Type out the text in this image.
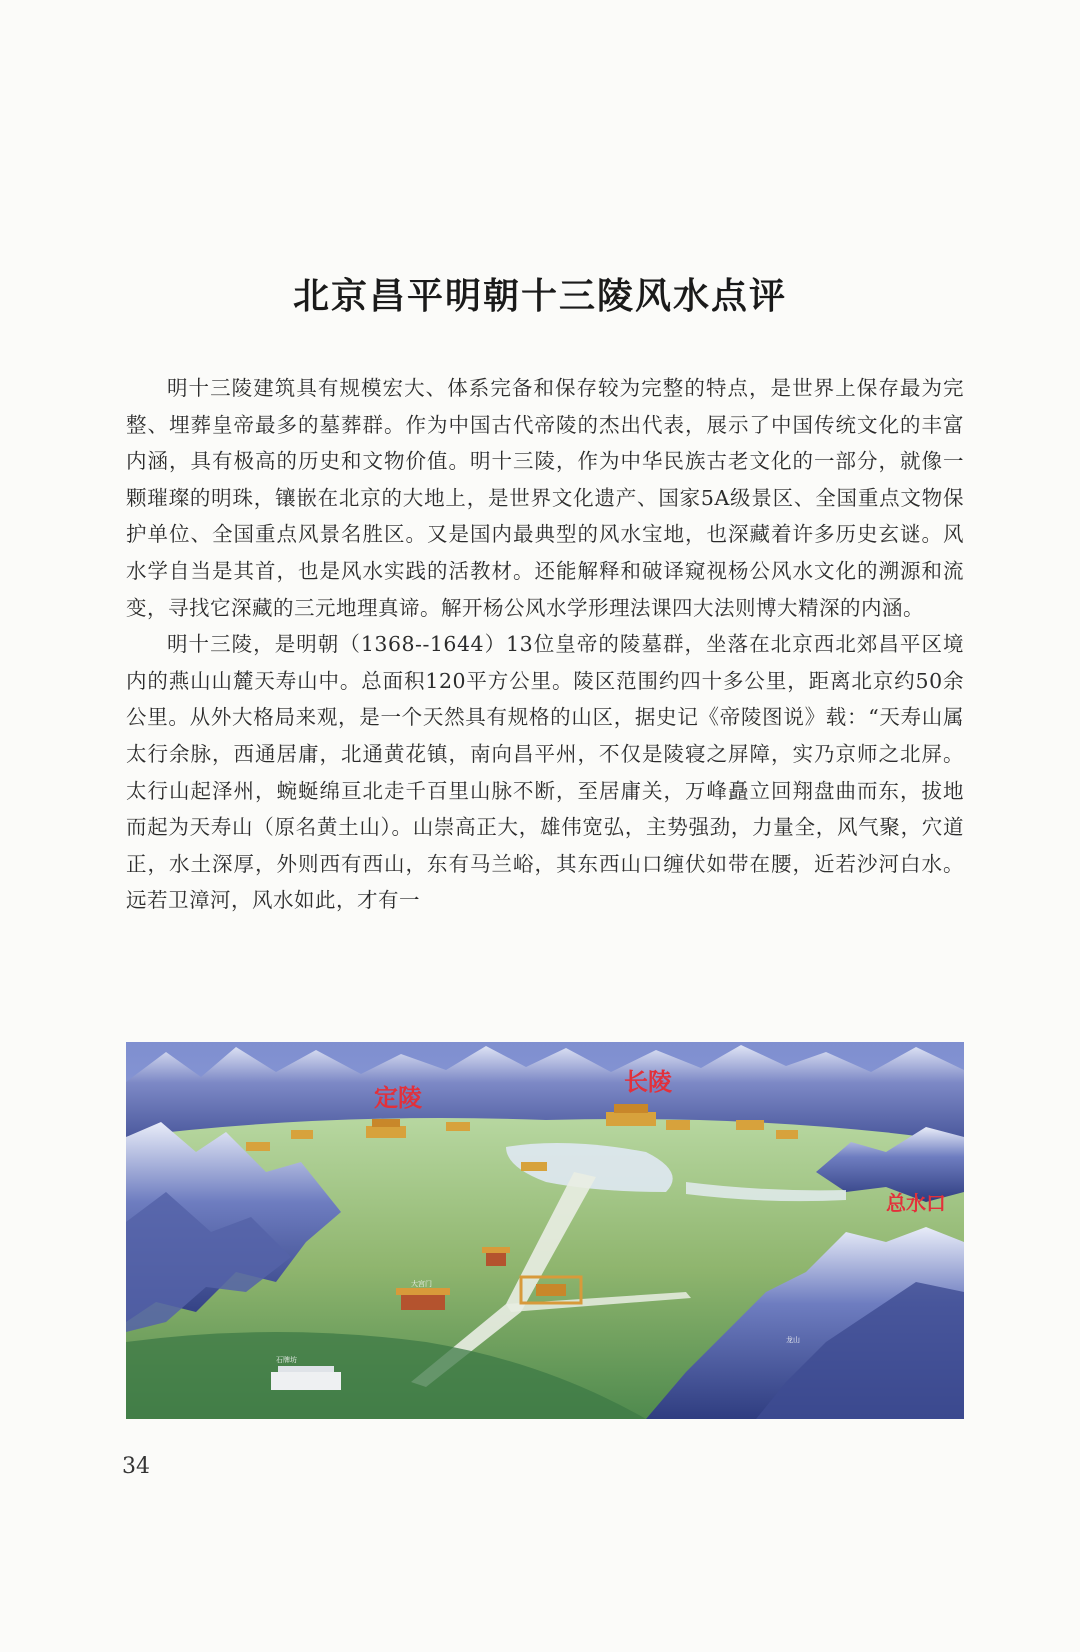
北京昌平明朝十三陵风水点评

明十三陵建筑具有规模宏大、体系完备和保存较为完整的特点，是世界上保存最为完整、埋葬皇帝最多的墓葬群。作为中国古代帝陵的杰出代表，展示了中国传统文化的丰富内涵，具有极高的历史和文物价值。明十三陵，作为中华民族古老文化的一部分，就像一颗璀璨的明珠，镶嵌在北京的大地上，是世界文化遗产、国家5A级景区、全国重点文物保护单位、全国重点风景名胜区。又是国内最典型的风水宝地，也深藏着许多历史玄谜。风水学自当是其首，也是风水实践的活教材。还能解释和破译窥视杨公风水文化的溯源和流变，寻找它深藏的三元地理真谛。解开杨公风水学形理法课四大法则博大精深的内涵。

明十三陵，是明朝（1368--1644）13位皇帝的陵墓群，坐落在北京西北郊昌平区境内的燕山山麓天寿山中。总面积120平方公里。陵区范围约四十多公里，距离北京约50余公里。从外大格局来观，是一个天然具有规格的山区，据史记《帝陵图说》载：“天寿山属太行余脉，西通居庸，北通黄花镇，南向昌平州，不仅是陵寝之屏障，实乃京师之北屏。太行山起泽州，蜿蜒绵亘北走千百里山脉不断，至居庸关，万峰矗立回翔盘曲而东，拔地而起为天寿山（原名黄土山）。山崇高正大，雄伟宽弘，主势强劲，力量全，风气聚，穴道正，水土深厚，外则西有西山，东有马兰峪，其东西山口缠伏如带在腰，近若沙河白水。远若卫漳河，风水如此，才有一

大宫门
石牌坊
龙山
定陵
长陵
总水口
34
